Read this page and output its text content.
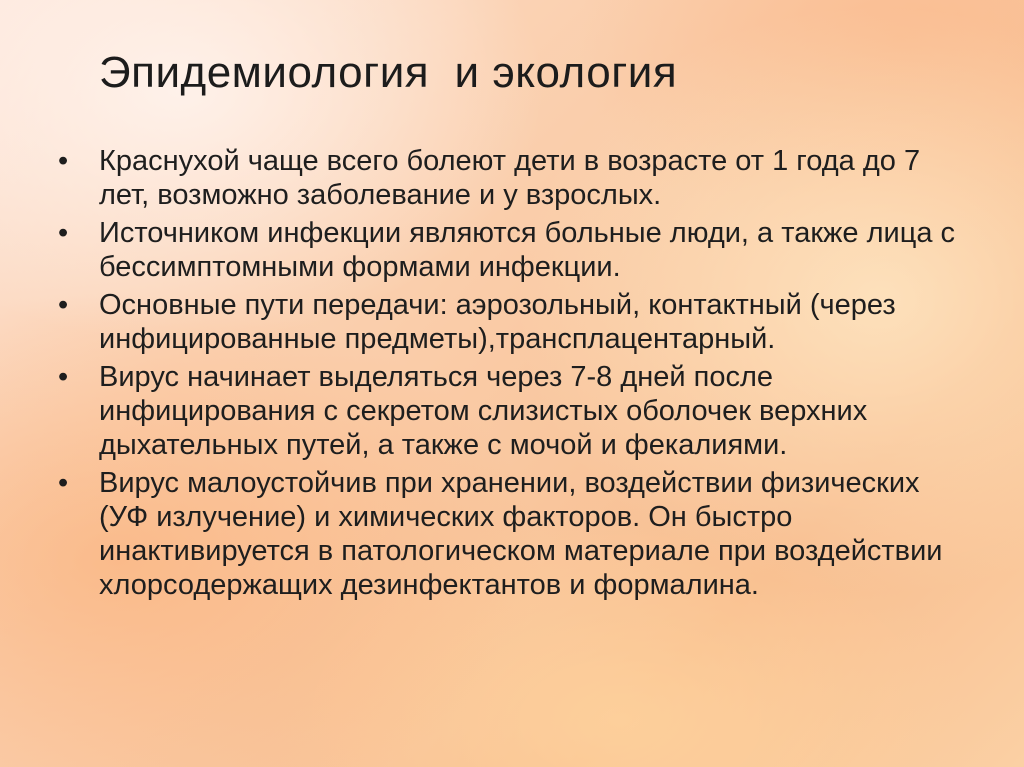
Эпидемиология  и экология
•	Краснухой чаще всего болеют дети в возрасте от 1 года до 7 лет, возможно заболевание и у взрослых.
•	Источником инфекции являются больные люди, а также лица с бессимптомными формами инфекции.
•	Основные пути передачи: аэрозольный, контактный (через инфицированные предметы),трансплацентарный.
•	Вирус начинает выделяться через 7-8 дней после инфицирования с секретом слизистых оболочек верхних дыхательных путей, а также с мочой и фекалиями.
•	Вирус малоустойчив при хранении, воздействии физических (УФ излучение) и химических факторов. Он быстро инактивируется в патологическом материале при воздействии хлорсодержащих дезинфектантов и формалина.
